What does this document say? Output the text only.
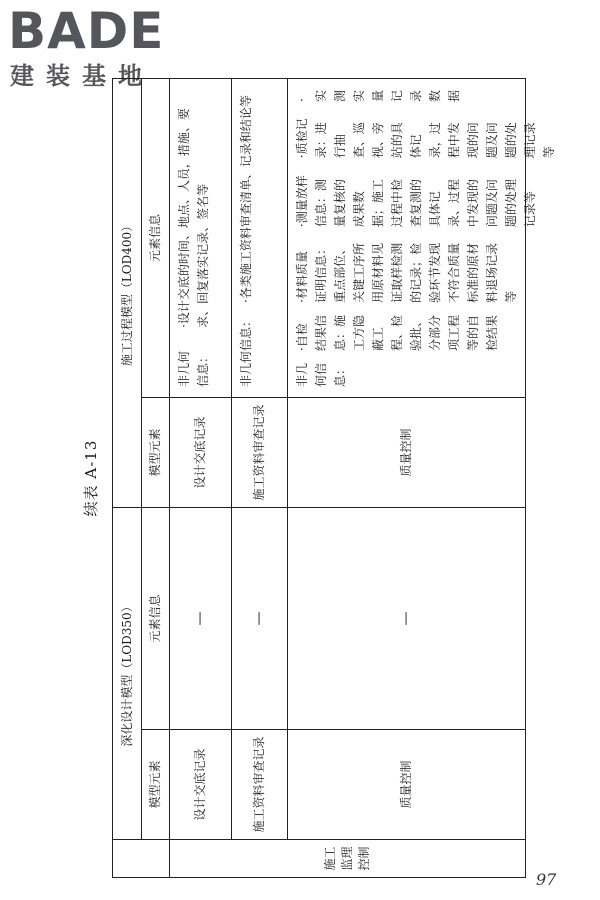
BADE
建装基地
续表 A-13
深化设计模型（LOD350）
施工过程模型（LOD400）
模型元素
元素信息
模型元素
元素信息
施工监理控制
设计交底记录
—
设计交底记录
非几何信息：
·设计交底的时间、地点、人员，措施、要求、回复落实记录、签名等
施工资料审查记录
—
施工资料审查记录
非几何信息：
·各类施工资料审查清单、记录和结论等
质量控制
—
质量控制
非几何信息：
·自检结果信息：施工方隐蔽工程、检验批、分部分项工程等的自检结果
·材料质量证明信息：重点部位、关键工序所用原材料见证取样检测的记录；检验环节发现不符合质量标准的原材料退场记录等
·测量放样信息：测量复核的成果数据；施工过程中检查复测的具体记录、过程中发现的问题及问题的处理记录等
·质检记录：进行抽查、巡视、旁站的具体记录，过程中发现的问题及问题的处理记录等
·实测实量记录数据
97
